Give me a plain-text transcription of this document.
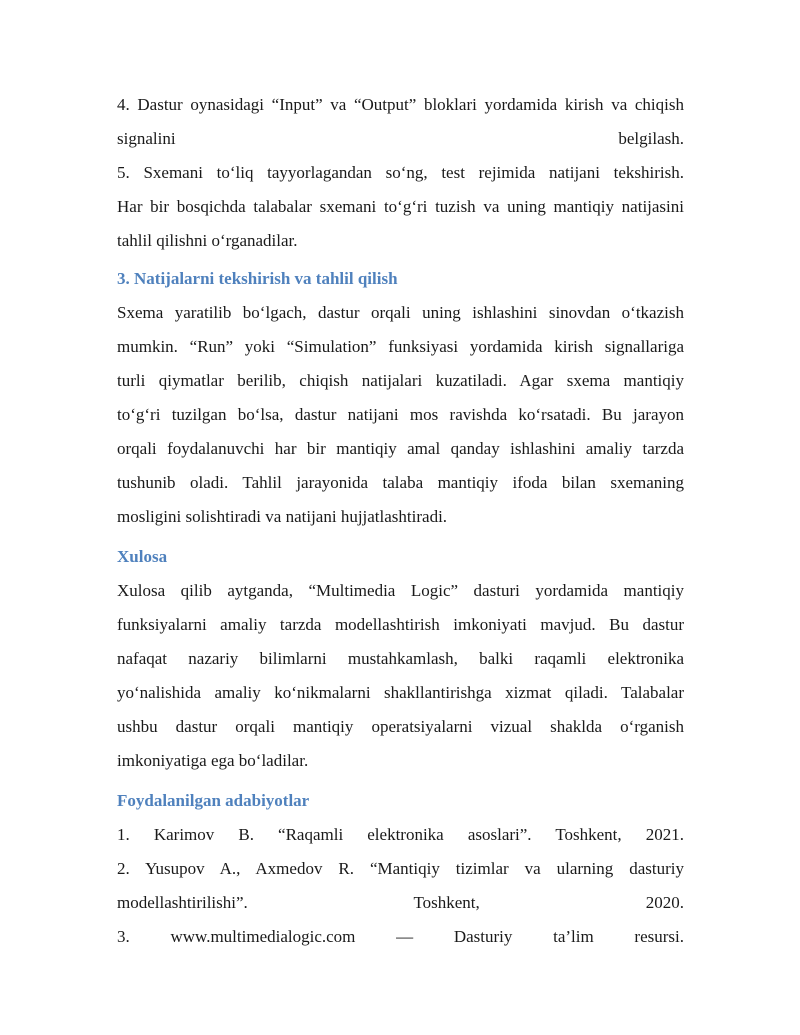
4. Dastur oynasidagi “Input” va “Output” bloklari yordamida kirish va chiqish
signalini belgilash.
5. Sxemani to‘liq tayyorlagandan so‘ng, test rejimida natijani tekshirish.
Har bir bosqichda talabalar sxemani to‘g‘ri tuzish va uning mantiqiy natijasini
tahlil qilishni o‘rganadilar.
3. Natijalarni tekshirish va tahlil qilish
Sxema yaratilib bo‘lgach, dastur orqali uning ishlashini sinovdan o‘tkazish
mumkin. “Run” yoki “Simulation” funksiyasi yordamida kirish signallariga
turli qiymatlar berilib, chiqish natijalari kuzatiladi. Agar sxema mantiqiy
to‘g‘ri tuzilgan bo‘lsa, dastur natijani mos ravishda ko‘rsatadi. Bu jarayon
orqali foydalanuvchi har bir mantiqiy amal qanday ishlashini amaliy tarzda
tushunib oladi. Tahlil jarayonida talaba mantiqiy ifoda bilan sxemaning
mosligini solishtiradi va natijani hujjatlashtiradi.
Xulosa
Xulosa qilib aytganda, “Multimedia Logic” dasturi yordamida mantiqiy
funksiyalarni amaliy tarzda modellashtirish imkoniyati mavjud. Bu dastur
nafaqat nazariy bilimlarni mustahkamlash, balki raqamli elektronika
yo‘nalishida amaliy ko‘nikmalarni shakllantirishga xizmat qiladi. Talabalar
ushbu dastur orqali mantiqiy operatsiyalarni vizual shaklda o‘rganish
imkoniyatiga ega bo‘ladilar.
Foydalanilgan adabiyotlar
1. Karimov B. “Raqamli elektronika asoslari”. Toshkent, 2021.
2. Yusupov A., Axmedov R. “Mantiqiy tizimlar va ularning dasturiy
modellashtirilishi”. Toshkent, 2020.
3. www.multimedialogic.com — Dasturiy ta’lim resursi.
